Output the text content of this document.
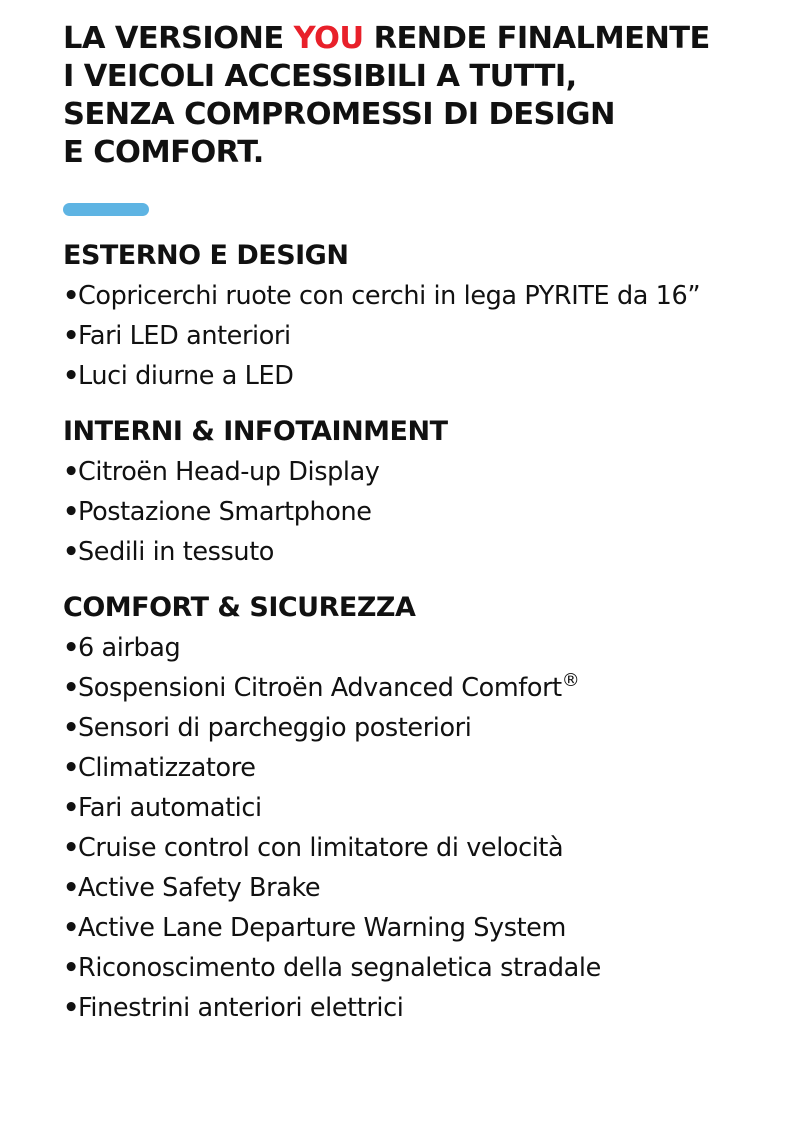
LA VERSIONE YOU RENDE FINALMENTE
I VEICOLI ACCESSIBILI A TUTTI,
SENZA COMPROMESSI DI DESIGN
E COMFORT.
ESTERNO E DESIGN
• Copricerchi ruote con cerchi in lega PYRITE da 16”
• Fari LED anteriori
• Luci diurne a LED
INTERNI & INFOTAINMENT
• Citroën Head-up Display
• Postazione Smartphone
• Sedili in tessuto
COMFORT & SICUREZZA
• 6 airbag
• Sospensioni Citroën Advanced Comfort®
• Sensori di parcheggio posteriori
• Climatizzatore
• Fari automatici
• Cruise control con limitatore di velocità
• Active Safety Brake
• Active Lane Departure Warning System
• Riconoscimento della segnaletica stradale
• Finestrini anteriori elettrici
